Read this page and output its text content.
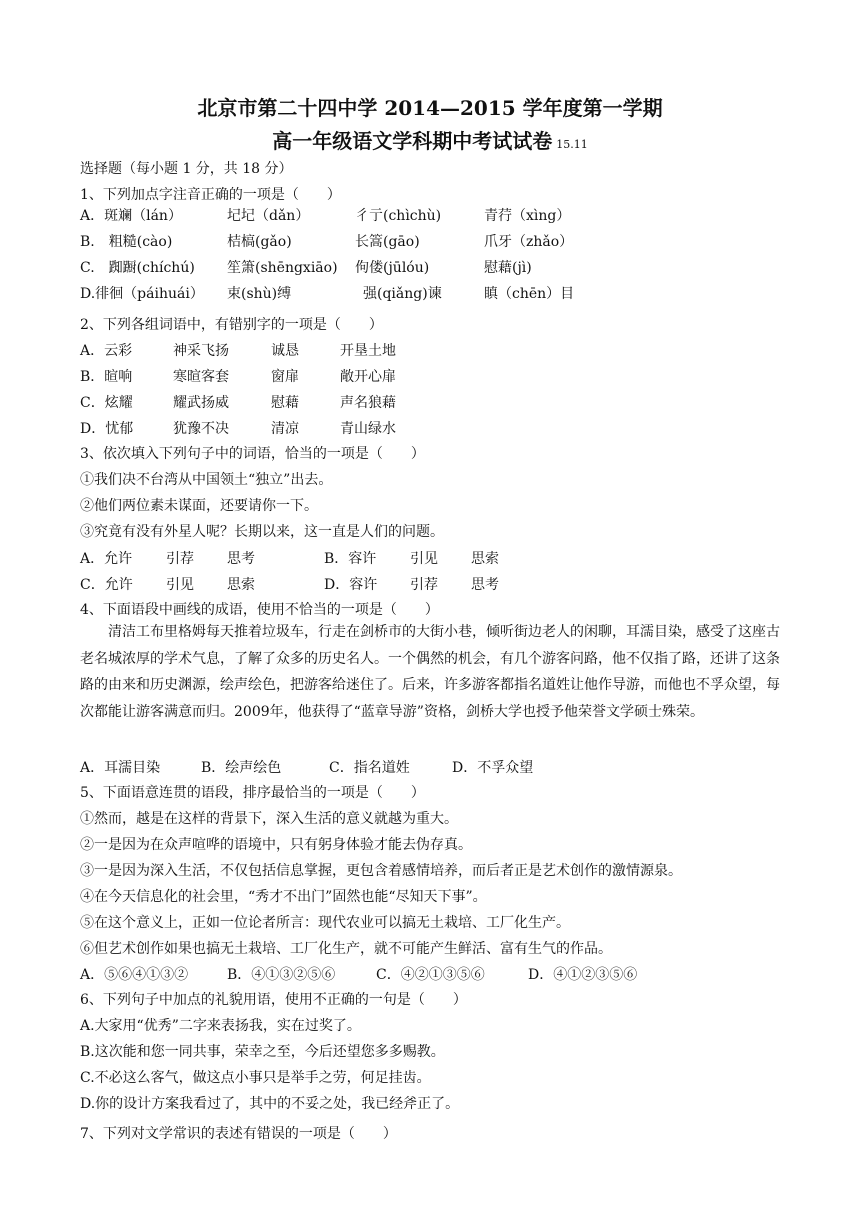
北京市第二十四中学 2014—2015 学年度第一学期
高一年级语文学科期中考试试卷 15.11
选择题（每小题 1 分，共 18 分）
1、下列加点字注音正确的一项是（　　）
A．斑斓（lán）	圮圮（dǎn）	彳亍(chìchù)	青荇（xìng）
B.　粗糙(cào)	桔槁(gǎo)	长篙(gāo)	爪牙（zhǎo）
C.　踟蹰(chíchú) 笙箫(shēngxiāo) 佝偻(jūlóu)	慰藉(jì)
D.徘徊（páihuái） 束(shù)缚	强(qiǎng)谏	瞋（chēn）目
2、下列各组词语中，有错别字的一项是（　　）
A．云彩	神采飞扬	诚恳	开垦土地
B．暄响	寒暄客套	窗扉	敞开心扉
C．炫耀	耀武扬威	慰藉	声名狼藉
D．忧郁	犹豫不决	清凉	青山绿水
3、依次填入下列句子中的词语，恰当的一项是（　　）
①我们决不台湾从中国领土“独立”出去。
②他们两位素未谋面，还要请你一下。
③究竟有没有外星人呢？长期以来，这一直是人们的问题。
A．允许 引荐 思考	B．容许 引见 思索
C．允许 引见 思索	D．容许 引荐 思考
4、下面语段中画线的成语，使用不恰当的一项是（　　）
清洁工布里格姆每天推着垃圾车，行走在剑桥市的大街小巷，倾听街边老人的闲聊，耳濡目染，感受了这座古老名城浓厚的学术气息，了解了众多的历史名人。一个偶然的机会，有几个游客问路，他不仅指了路，还讲了这条路的由来和历史渊源，绘声绘色，把游客给迷住了。后来，许多游客都指名道姓让他作导游，而他也不孚众望，每次都能让游客满意而归。2009年，他获得了“蓝章导游”资格，剑桥大学也授予他荣誉文学硕士殊荣。
A．耳濡目染	B．绘声绘色	C．指名道姓	D．不孚众望
5、下面语意连贯的语段，排序最恰当的一项是（　　）
①然而，越是在这样的背景下，深入生活的意义就越为重大。
②一是因为在众声喧哗的语境中，只有躬身体验才能去伪存真。
③一是因为深入生活，不仅包括信息掌握，更包含着感情培养，而后者正是艺术创作的激情源泉。
④在今天信息化的社会里，“秀才不出门”固然也能“尽知天下事”。
⑤在这个意义上，正如一位论者所言：现代农业可以搞无土栽培、工厂化生产。
⑥但艺术创作如果也搞无土栽培、工厂化生产，就不可能产生鲜活、富有生气的作品。
A．⑤⑥④①③②	B．④①③②⑤⑥	C．④②①③⑤⑥	D．④①②③⑤⑥
6、下列句子中加点的礼貌用语，使用不正确的一句是（　　）
A.大家用“优秀”二字来表扬我，实在过奖了。
B.这次能和您一同共事，荣幸之至，今后还望您多多赐教。
C.不必这么客气，做这点小事只是举手之劳，何足挂齿。
D.你的设计方案我看过了，其中的不妥之处，我已经斧正了。
7、下列对文学常识的表述有错误的一项是（　　）
